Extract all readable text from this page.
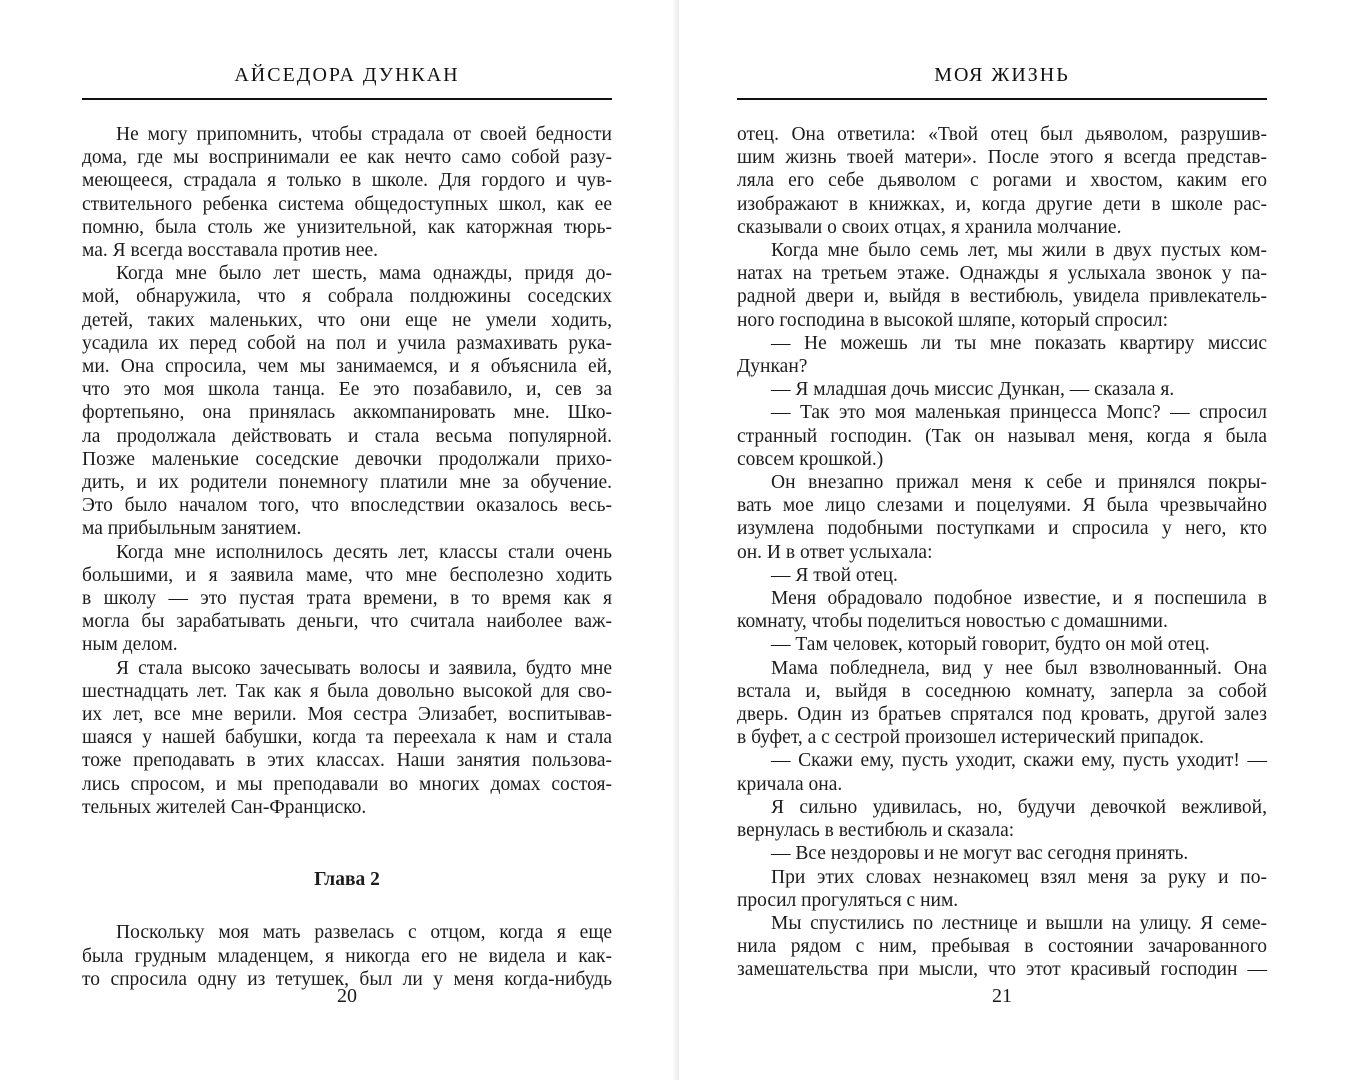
АЙСЕДОРА ДУНКАН
Не могу припомнить, чтобы страдала от своей бедности
дома, где мы воспринимали ее как нечто само собой разу-
меющееся, страдала я только в школе. Для гордого и чув-
ствительного ребенка система общедоступных школ, как ее
помню, была столь же унизительной, как каторжная тюрь-
ма. Я всегда восставала против нее.
Когда мне было лет шесть, мама однажды, придя до-
мой, обнаружила, что я собрала полдюжины соседских
детей, таких маленьких, что они еще не умели ходить,
усадила их перед собой на пол и учила размахивать рука-
ми. Она спросила, чем мы занимаемся, и я объяснила ей,
что это моя школа танца. Ее это позабавило, и, сев за
фортепьяно, она принялась аккомпанировать мне. Шко-
ла продолжала действовать и стала весьма популярной.
Позже маленькие соседские девочки продолжали прихо-
дить, и их родители понемногу платили мне за обучение.
Это было началом того, что впоследствии оказалось весь-
ма прибыльным занятием.
Когда мне исполнилось десять лет, классы стали очень
большими, и я заявила маме, что мне бесполезно ходить
в школу — это пустая трата времени, в то время как я
могла бы зарабатывать деньги, что считала наиболее важ-
ным делом.
Я стала высоко зачесывать волосы и заявила, будто мне
шестнадцать лет. Так как я была довольно высокой для сво-
их лет, все мне верили. Моя сестра Элизабет, воспитывав-
шаяся у нашей бабушки, когда та переехала к нам и стала
тоже преподавать в этих классах. Наши занятия пользова-
лись спросом, и мы преподавали во многих домах состоя-
тельных жителей Сан-Франциско.
Глава 2
Поскольку моя мать развелась с отцом, когда я еще
была грудным младенцем, я никогда его не видела и как-
то спросила одну из тетушек, был ли у меня когда-нибудь
20
МОЯ ЖИЗНЬ
отец. Она ответила: «Твой отец был дьяволом, разрушив-
шим жизнь твоей матери». После этого я всегда представ-
ляла его себе дьяволом с рогами и хвостом, каким его
изображают в книжках, и, когда другие дети в школе рас-
сказывали о своих отцах, я хранила молчание.
Когда мне было семь лет, мы жили в двух пустых ком-
натах на третьем этаже. Однажды я услыхала звонок у па-
радной двери и, выйдя в вестибюль, увидела привлекатель-
ного господина в высокой шляпе, который спросил:
— Не можешь ли ты мне показать квартиру миссис
Дункан?
— Я младшая дочь миссис Дункан, — сказала я.
— Так это моя маленькая принцесса Мопс? — спросил
странный господин. (Так он называл меня, когда я была
совсем крошкой.)
Он внезапно прижал меня к себе и принялся покры-
вать мое лицо слезами и поцелуями. Я была чрезвычайно
изумлена подобными поступками и спросила у него, кто
он. И в ответ услыхала:
— Я твой отец.
Меня обрадовало подобное известие, и я поспешила в
комнату, чтобы поделиться новостью с домашними.
— Там человек, который говорит, будто он мой отец.
Мама побледнела, вид у нее был взволнованный. Она
встала и, выйдя в соседнюю комнату, заперла за собой
дверь. Один из братьев спрятался под кровать, другой залез
в буфет, а с сестрой произошел истерический припадок.
— Скажи ему, пусть уходит, скажи ему, пусть уходит! —
кричала она.
Я сильно удивилась, но, будучи девочкой вежливой,
вернулась в вестибюль и сказала:
— Все нездоровы и не могут вас сегодня принять.
При этих словах незнакомец взял меня за руку и по-
просил прогуляться с ним.
Мы спустились по лестнице и вышли на улицу. Я семе-
нила рядом с ним, пребывая в состоянии зачарованного
замешательства при мысли, что этот красивый господин —
21
